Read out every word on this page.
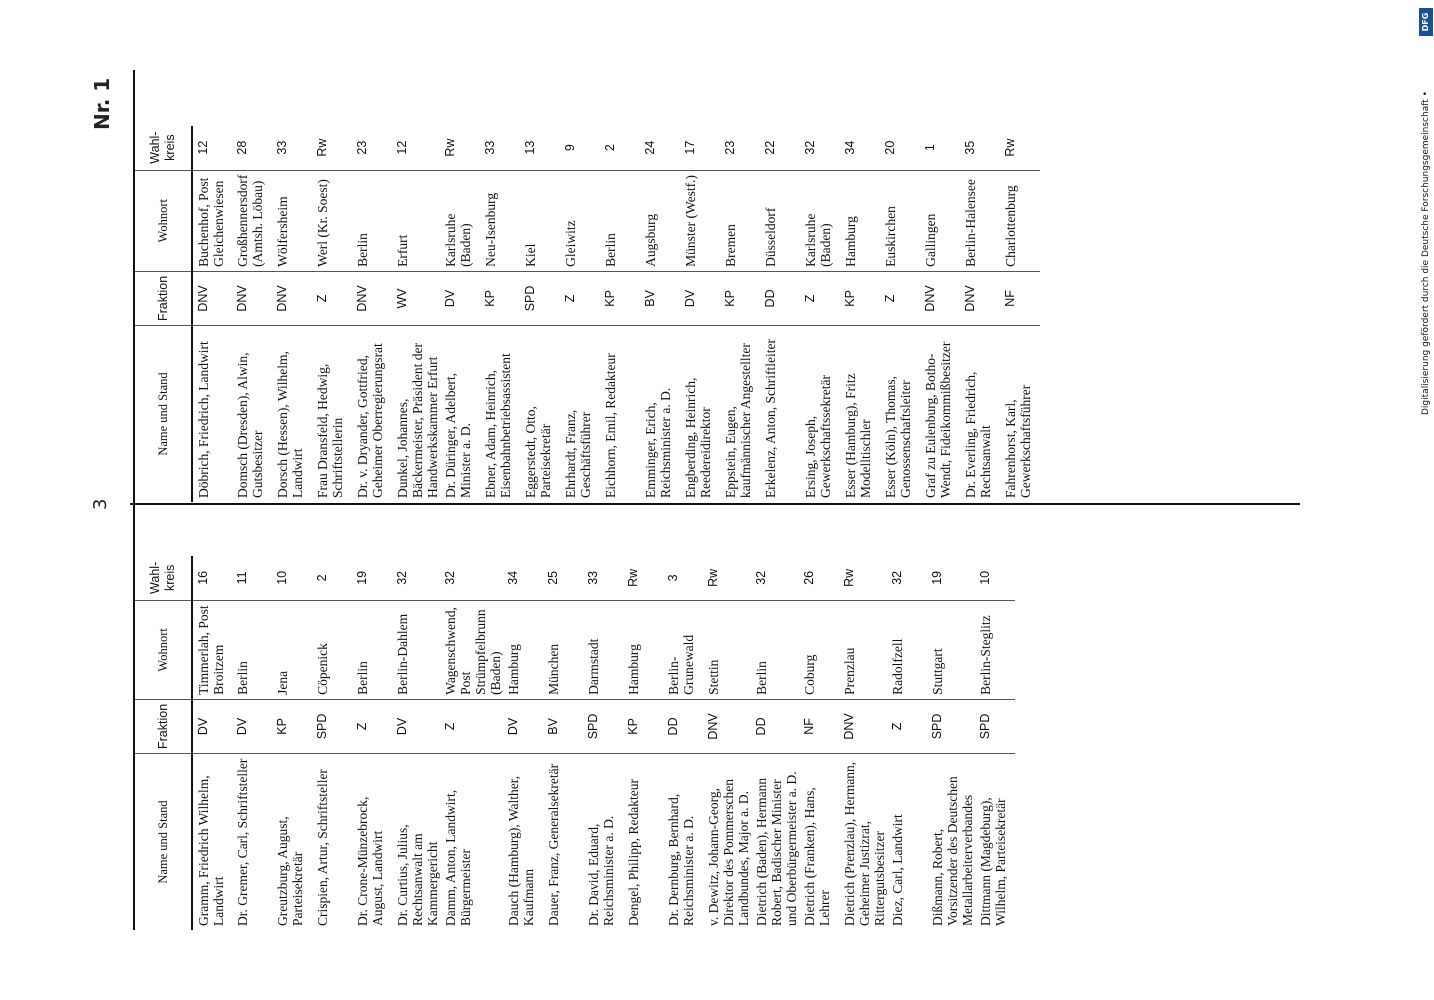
3
Nr. 1
Name und Stand	Fraktion	Wohnort	Wahl-kreis
Gramm, Friedrich Wilhelm, Landwirt	DV	Timmerlah, Post Broitzem	16
Dr. Gremer, Carl, Schriftsteller	DV	Berlin	11
Greutzburg, August, Parteisekretär	KP	Jena	10
Crispien, Artur, Schriftsteller	SPD	Cöpenick	2
Dr. Crone-Münzebrock, August, Landwirt	Z	Berlin	19
Dr. Curtius, Julius, Rechtsanwalt am Kammergericht	DV	Berlin-Dahlem	32
Damm, Anton, Landwirt, Bürgermeister	Z	Wagenschwend, Post Strümpfelbrunn (Baden)	32
Dauch (Hamburg), Walther, Kaufmann	DV	Hamburg	34
Dauer, Franz, Generalsekretär	BV	München	25
Dr. David, Eduard, Reichsminister a. D.	SPD	Darmstadt	33
Dengel, Philipp, Redakteur	KP	Hamburg	Rw
Dr. Dernburg, Bernhard, Reichsminister a. D.	DD	Berlin-Grunewald	3
v. Dewitz, Johann-Georg, Direktor des Pommerschen Landbundes, Major a. D.	DNV	Stettin	Rw
Dietrich (Baden), Hermann Robert, Badischer Minister und Oberbürgermeister a. D.	DD	Berlin	32
Dietrich (Franken), Hans, Lehrer	NF	Coburg	26
Dietrich (Prenzlau), Hermann, Geheimer Justizrat, Rittergutsbesitzer	DNV	Prenzlau	Rw
Diez, Carl, Landwirt	Z	Radolfzell	32
Dißmann, Robert, Vorsitzender des Deutschen Metallarbeiterverbandes	SPD	Stuttgart	19
Dittmann (Magdeburg), Wilhelm, Parteisekretär	SPD	Berlin-Steglitz	10
Name und Stand	Fraktion	Wohnort	Wahl-kreis
Döbrich, Friedrich, Landwirt	DNV	Buchenhof, Post Gleichenwiesen	12
Domsch (Dresden), Alwin, Gutsbesitzer	DNV	Großhennersdorf (Amtsh. Löbau)	28
Dorsch (Hessen), Wilhelm, Landwirt	DNV	Wölfersheim	33
Frau Dransfeld, Hedwig, Schriftstellerin	Z	Werl (Kr. Soest)	Rw
Dr. v. Dryander, Gottfried, Geheimer Oberregierungsrat	DNV	Berlin	23
Dunkel, Johannes, Bäckermeister, Präsident der Handwerkskammer Erfurt	WV	Erfurt	12
Dr. Düringer, Adelbert, Minister a. D.	DV	Karlsruhe (Baden)	Rw
Ebner, Adam, Heinrich, Eisenbahnbetriebsassistent	KP	Neu-Isenburg	33
Eggerstedt, Otto, Parteisekretär	SPD	Kiel	13
Ehrhardt, Franz, Geschäftsführer	Z	Gleiwitz	9
Eichhorn, Emil, Redakteur	KP	Berlin	2
Emminger, Erich, Reichsminister a. D.	BV	Augsburg	24
Engberding, Heinrich, Reedereidirektor	DV	Münster (Westf.)	17
Eppstein, Eugen, kaufmännischer Angestellter	KP	Bremen	23
Erkelenz, Anton, Schriftleiter	DD	Düsseldorf	22
Ersing, Joseph, Gewerkschaftssekretär	Z	Karlsruhe (Baden)	32
Esser (Hamburg), Fritz Modelltischler	KP	Hamburg	34
Esser (Köln), Thomas, Genossenschaftsleiter	Z	Euskirchen	20
Graf zu Eulenburg, Botho-Wendt, Fideikommißbesitzer	DNV	Gallingen	1
Dr. Everling, Friedrich, Rechtsanwalt	DNV	Berlin-Halensee	35
Fahrenhorst, Karl, Gewerkschaftsführer	NF	Charlottenburg	Rw	Digitalisierung gefördert durch die Deutsche Forschungsgemeinschaft •
DFG
